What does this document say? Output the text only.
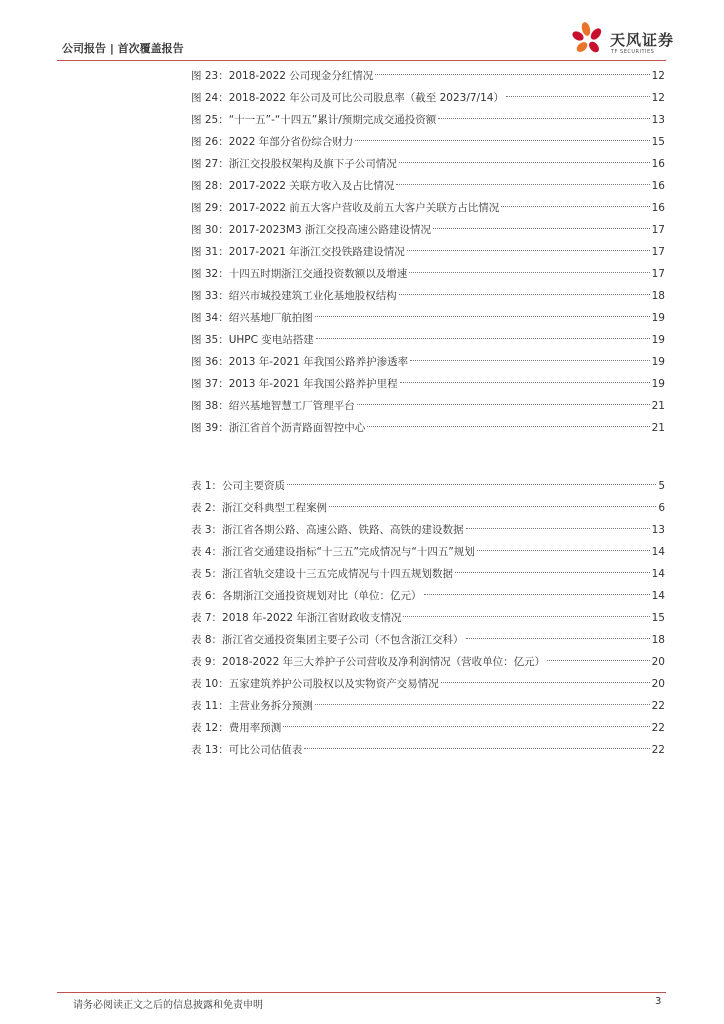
公司报告 | 首次覆盖报告	天风证券
TF SECURITIES
图 23：2018-2022 公司现金分红情况	12
图 24：2018-2022 年公司及可比公司股息率（截至 2023/7/14）	12
图 25：“十一五”-“十四五”累计/预期完成交通投资额	13
图 26：2022 年部分省份综合财力	15
图 27：浙江交投股权架构及旗下子公司情况	16
图 28：2017-2022 关联方收入及占比情况	16
图 29：2017-2022 前五大客户营收及前五大客户关联方占比情况	16
图 30：2017-2023M3 浙江交投高速公路建设情况	17
图 31：2017-2021 年浙江交投铁路建设情况	17
图 32：十四五时期浙江交通投资数额以及增速	17
图 33：绍兴市城投建筑工业化基地股权结构	18
图 34：绍兴基地厂航拍图	19
图 35：UHPC 变电站搭建	19
图 36：2013 年-2021 年我国公路养护渗透率	19
图 37：2013 年-2021 年我国公路养护里程	19
图 38：绍兴基地智慧工厂管理平台	21
图 39：浙江省首个沥青路面智控中心	21
表 1：公司主要资质	5
表 2：浙江交科典型工程案例	6
表 3：浙江省各期公路、高速公路、铁路、高铁的建设数据	13
表 4：浙江省交通建设指标“十三五”完成情况与“十四五”规划	14
表 5：浙江省轨交建设十三五完成情况与十四五规划数据	14
表 6：各期浙江交通投资规划对比（单位：亿元）	14
表 7：2018 年-2022 年浙江省财政收支情况	15
表 8：浙江省交通投资集团主要子公司（不包含浙江交科）	18
表 9：2018-2022 年三大养护子公司营收及净利润情况（营收单位：亿元）	20
表 10：五家建筑养护公司股权以及实物资产交易情况	20
表 11：主营业务拆分预测	22
表 12：费用率预测	22
表 13：可比公司估值表	22
请务必阅读正文之后的信息披露和免责申明	3
